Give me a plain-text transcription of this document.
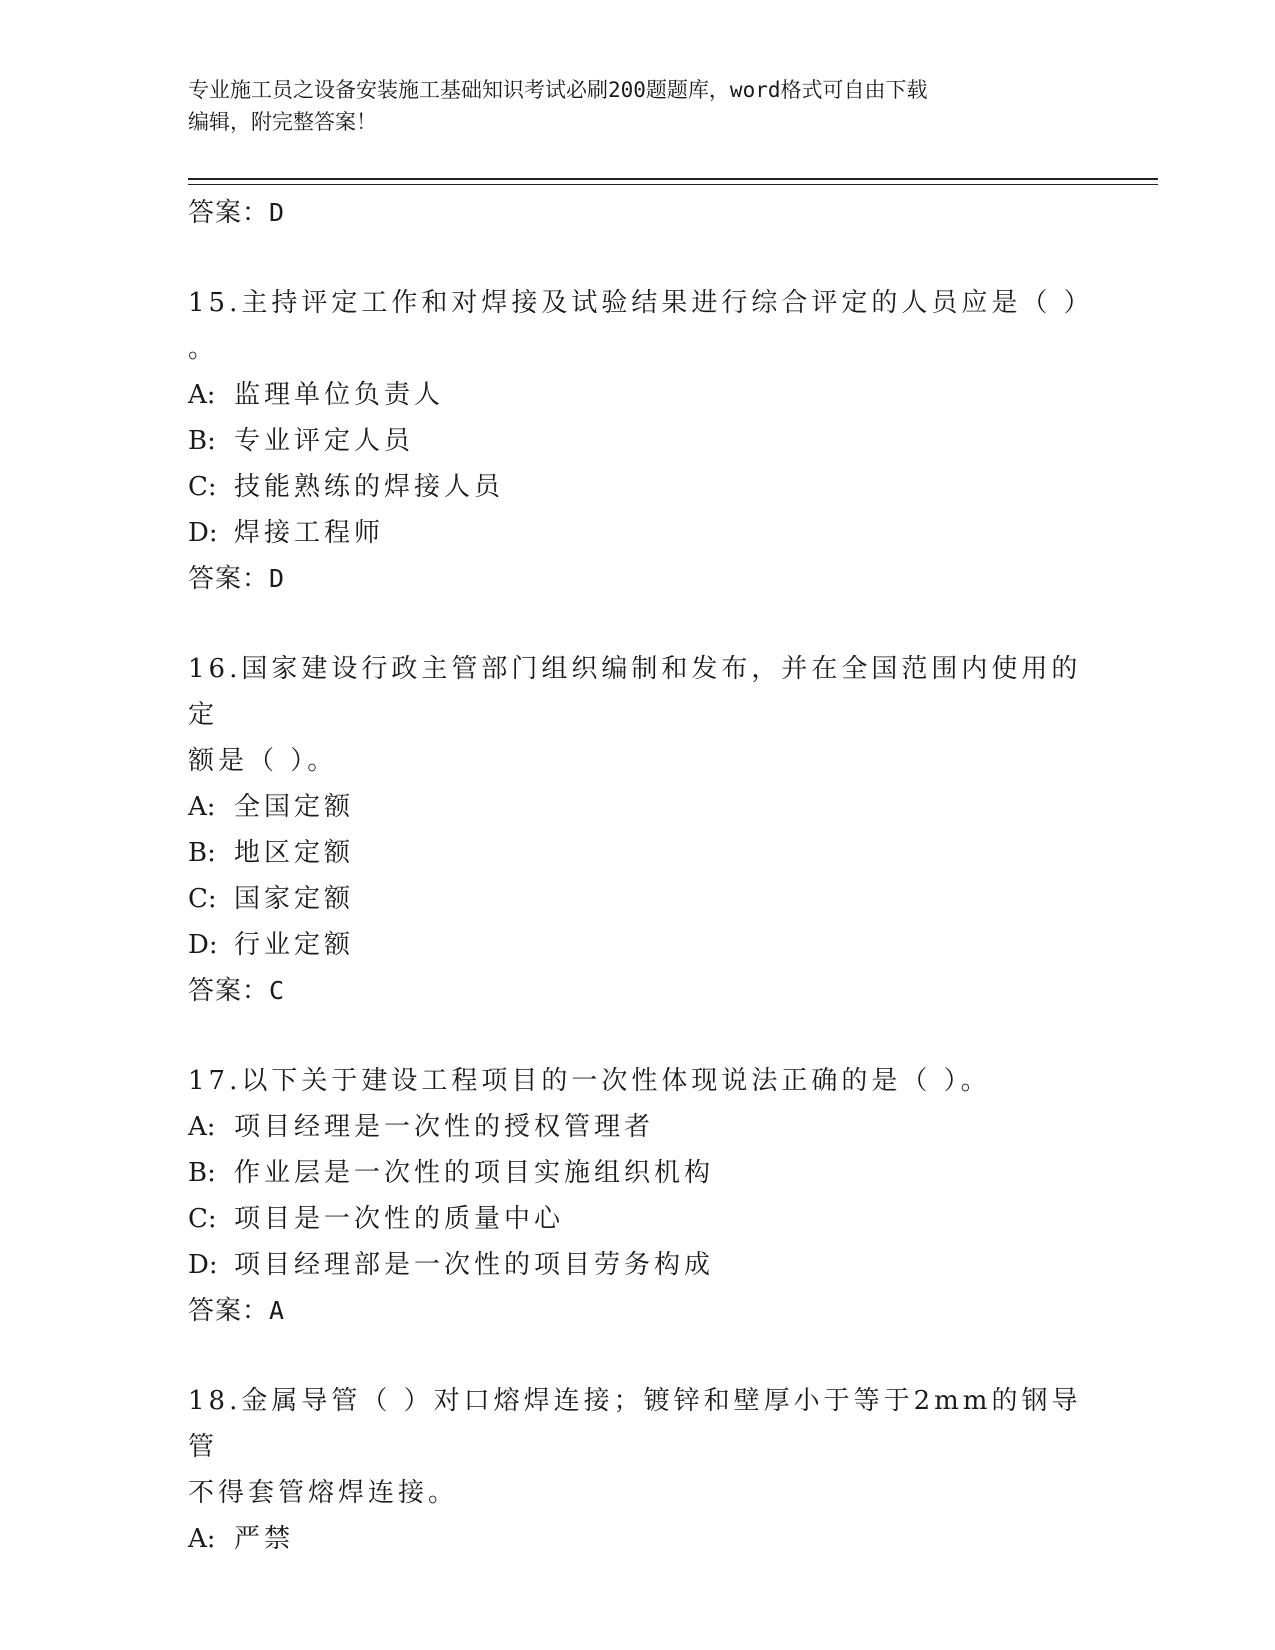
专业施工员之设备安装施工基础知识考试必刷200题题库，word格式可自由下载
编辑，附完整答案！
答案：D
15.主持评定工作和对焊接及试验结果进行综合评定的人员应是（ ）
。
A: 监理单位负责人
B: 专业评定人员
C: 技能熟练的焊接人员
D: 焊接工程师
答案：D
16.国家建设行政主管部门组织编制和发布，并在全国范围内使用的定
额是（ ）。
A: 全国定额
B: 地区定额
C: 国家定额
D: 行业定额
答案：C
17.以下关于建设工程项目的一次性体现说法正确的是（ ）。
A: 项目经理是一次性的授权管理者
B: 作业层是一次性的项目实施组织机构
C: 项目是一次性的质量中心
D: 项目经理部是一次性的项目劳务构成
答案：A
18.金属导管（ ）对口熔焊连接；镀锌和壁厚小于等于2mm的钢导管
不得套管熔焊连接。
A: 严禁
